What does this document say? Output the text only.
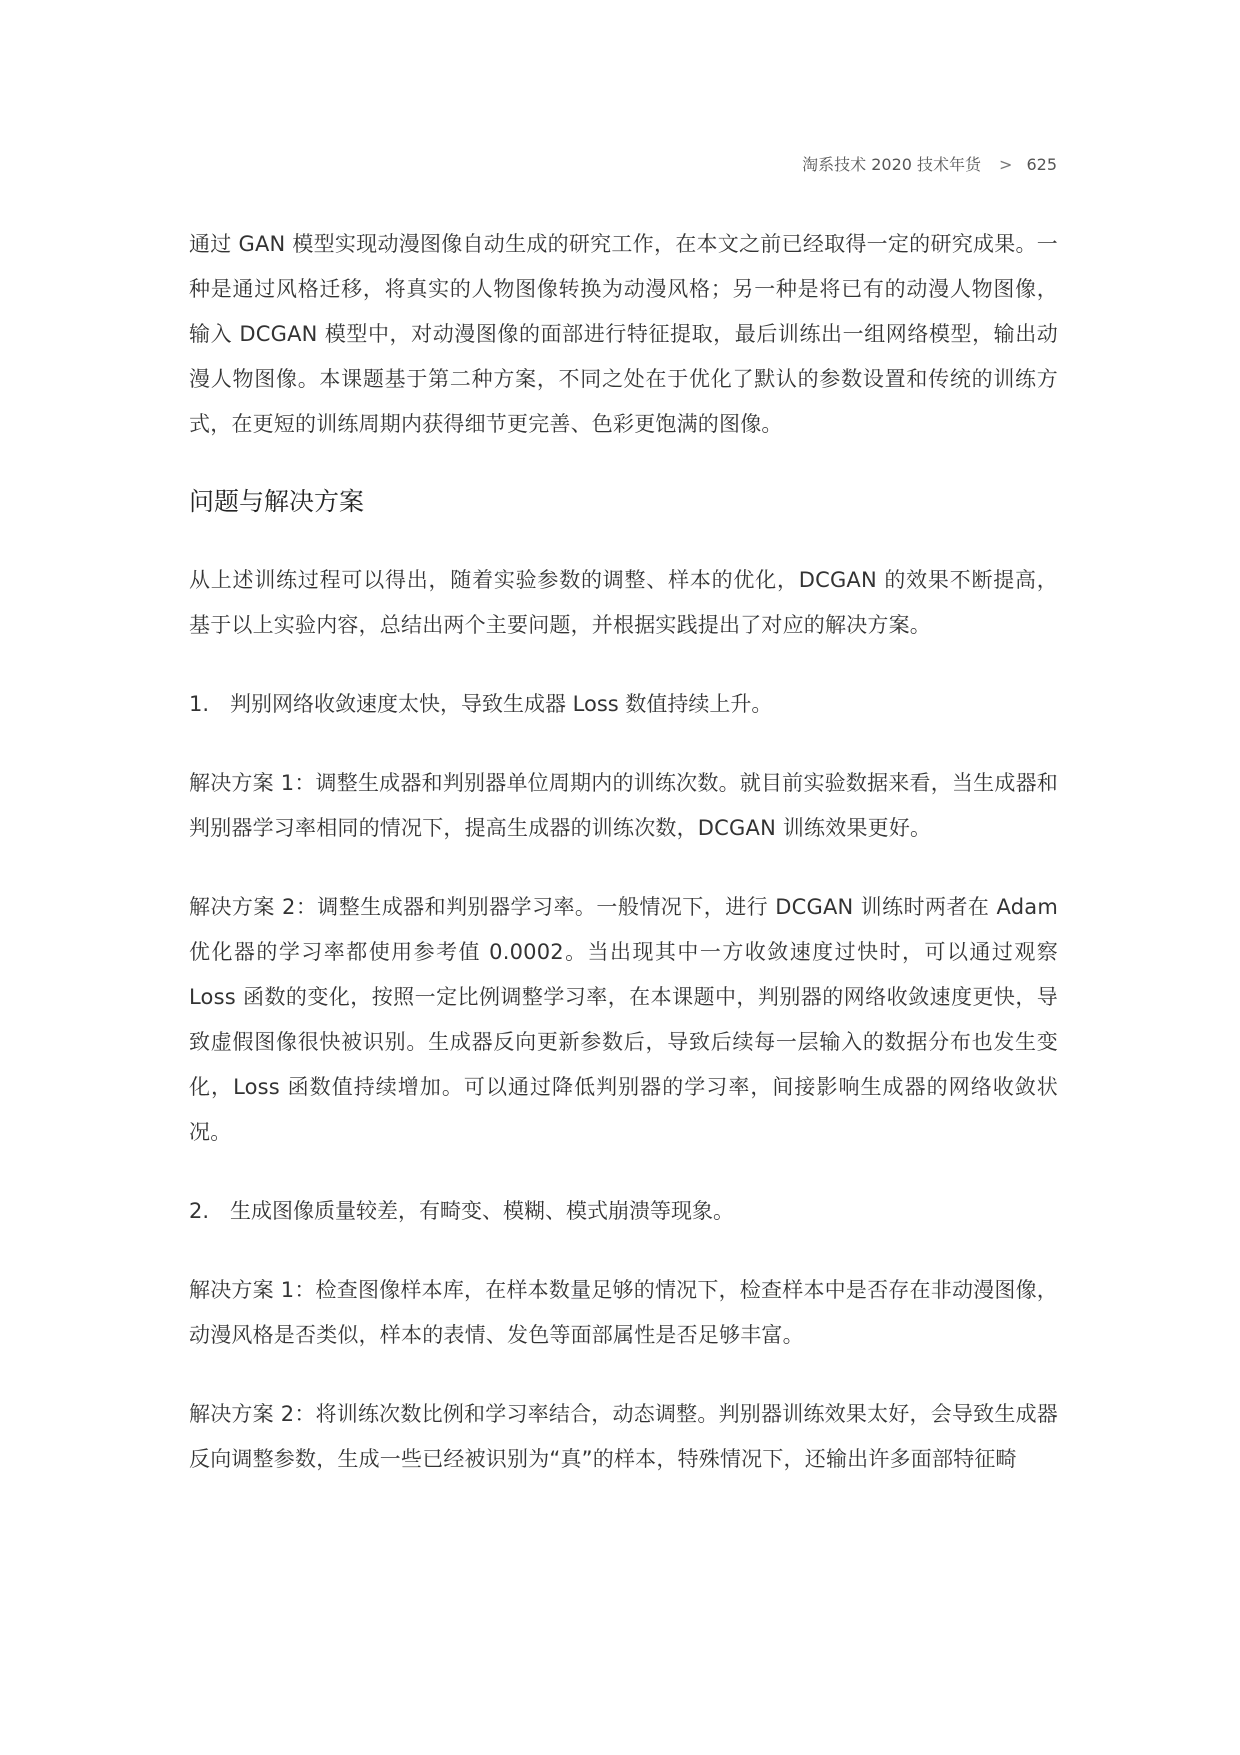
淘系技术 2020 技术年货 > 625

通过 GAN 模型实现动漫图像自动生成的研究工作，在本文之前已经取得一定的研究成果。一种是通过风格迁移，将真实的人物图像转换为动漫风格；另一种是将已有的动漫人物图像，输入 DCGAN 模型中，对动漫图像的面部进行特征提取，最后训练出一组网络模型，输出动漫人物图像。本课题基于第二种方案，不同之处在于优化了默认的参数设置和传统的训练方式，在更短的训练周期内获得细节更完善、色彩更饱满的图像。

问题与解决方案

从上述训练过程可以得出，随着实验参数的调整、样本的优化，DCGAN 的效果不断提高，基于以上实验内容，总结出两个主要问题，并根据实践提出了对应的解决方案。

1. 判别网络收敛速度太快，导致生成器 Loss 数值持续上升。

解决方案 1：调整生成器和判别器单位周期内的训练次数。就目前实验数据来看，当生成器和判别器学习率相同的情况下，提高生成器的训练次数，DCGAN 训练效果更好。

解决方案 2：调整生成器和判别器学习率。一般情况下，进行 DCGAN 训练时两者在 Adam 优化器的学习率都使用参考值 0.0002。当出现其中一方收敛速度过快时，可以通过观察 Loss 函数的变化，按照一定比例调整学习率，在本课题中，判别器的网络收敛速度更快，导致虚假图像很快被识别。生成器反向更新参数后，导致后续每一层输入的数据分布也发生变化，Loss 函数值持续增加。可以通过降低判别器的学习率，间接影响生成器的网络收敛状况。

2. 生成图像质量较差，有畸变、模糊、模式崩溃等现象。

解决方案 1：检查图像样本库，在样本数量足够的情况下，检查样本中是否存在非动漫图像，动漫风格是否类似，样本的表情、发色等面部属性是否足够丰富。

解决方案 2：将训练次数比例和学习率结合，动态调整。判别器训练效果太好，会导致生成器反向调整参数，生成一些已经被识别为“真”的样本，特殊情况下，还输出许多面部特征畸
